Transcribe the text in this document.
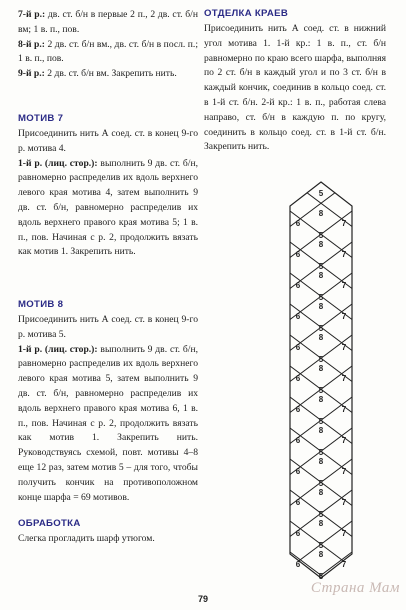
7-й р.: дв. ст. б/н в первые 2 п., 2 дв. ст. б/н вм; 1 в. п., пов.

8-й р.: 2 дв. ст. б/н вм., дв. ст. б/н в посл. п.; 1 в. п., пов.

9-й р.: 2 дв. ст. б/н вм. Закрепить нить.

МОТИВ 7

Присоединить нить А соед. ст. в конец 9-го р. мотива 4.

1-й р. (лиц. стор.): выполнить 9 дв. ст. б/н, равномерно распределив их вдоль верхнего левого края мотива 4, затем выполнить 9 дв. ст. б/н, равномерно распределив их вдоль верхнего правого края мотива 5; 1 в. п., пов. Начиная с р. 2, продолжить вязать как мотив 1. Закрепить нить.

МОТИВ 8

Присоединить нить А соед. ст. в конец 9-го р. мотива 5.

1-й р. (лиц. стор.): выполнить 9 дв. ст. б/н, равномерно распределив их вдоль верхнего левого края мотива 5, затем выполнить 9 дв. ст. б/н, равномерно распределив их вдоль верхнего правого края мотива 6, 1 в. п., пов. Начиная с р. 2, продолжить вязать как мотив 1. Закрепить нить. Руководствуясь схемой, повт. мотивы 4–8 еще 12 раз, затем мотив 5 – для того, чтобы получить кончик на противоположном конце шарфа = 69 мотивов.

ОБРАБОТКА

Слегка прогладить шарф утюгом.

ОТДЕЛКА КРАЕВ

Присоединить нить А соед. ст. в нижний угол мотива 1. 1-й кр.: 1 в. п., ст. б/н равномерно по краю всего шарфа, выполняя по 2 ст. б/н в каждый угол и по 3 ст. б/н в каждый кончик, соединив в кольцо соед. ст. в 1-й ст. б/н. 2-й кр.: 1 в. п., работая слева направо, ст. б/н в каждую п. по кругу, соединить в кольцо соед. ст. в 1-й ст. б/н. Закрепить нить.

5
6	7
8
5
6	7
8
5
6	7
8
5
6	7
8
5
6	7
8
5
6	7
8
5
6	7
8
5
6	7
8
5
6	7
8
5
6	7
8
5
6	7
8
5
6	7
8
5
79
Страна Мам
